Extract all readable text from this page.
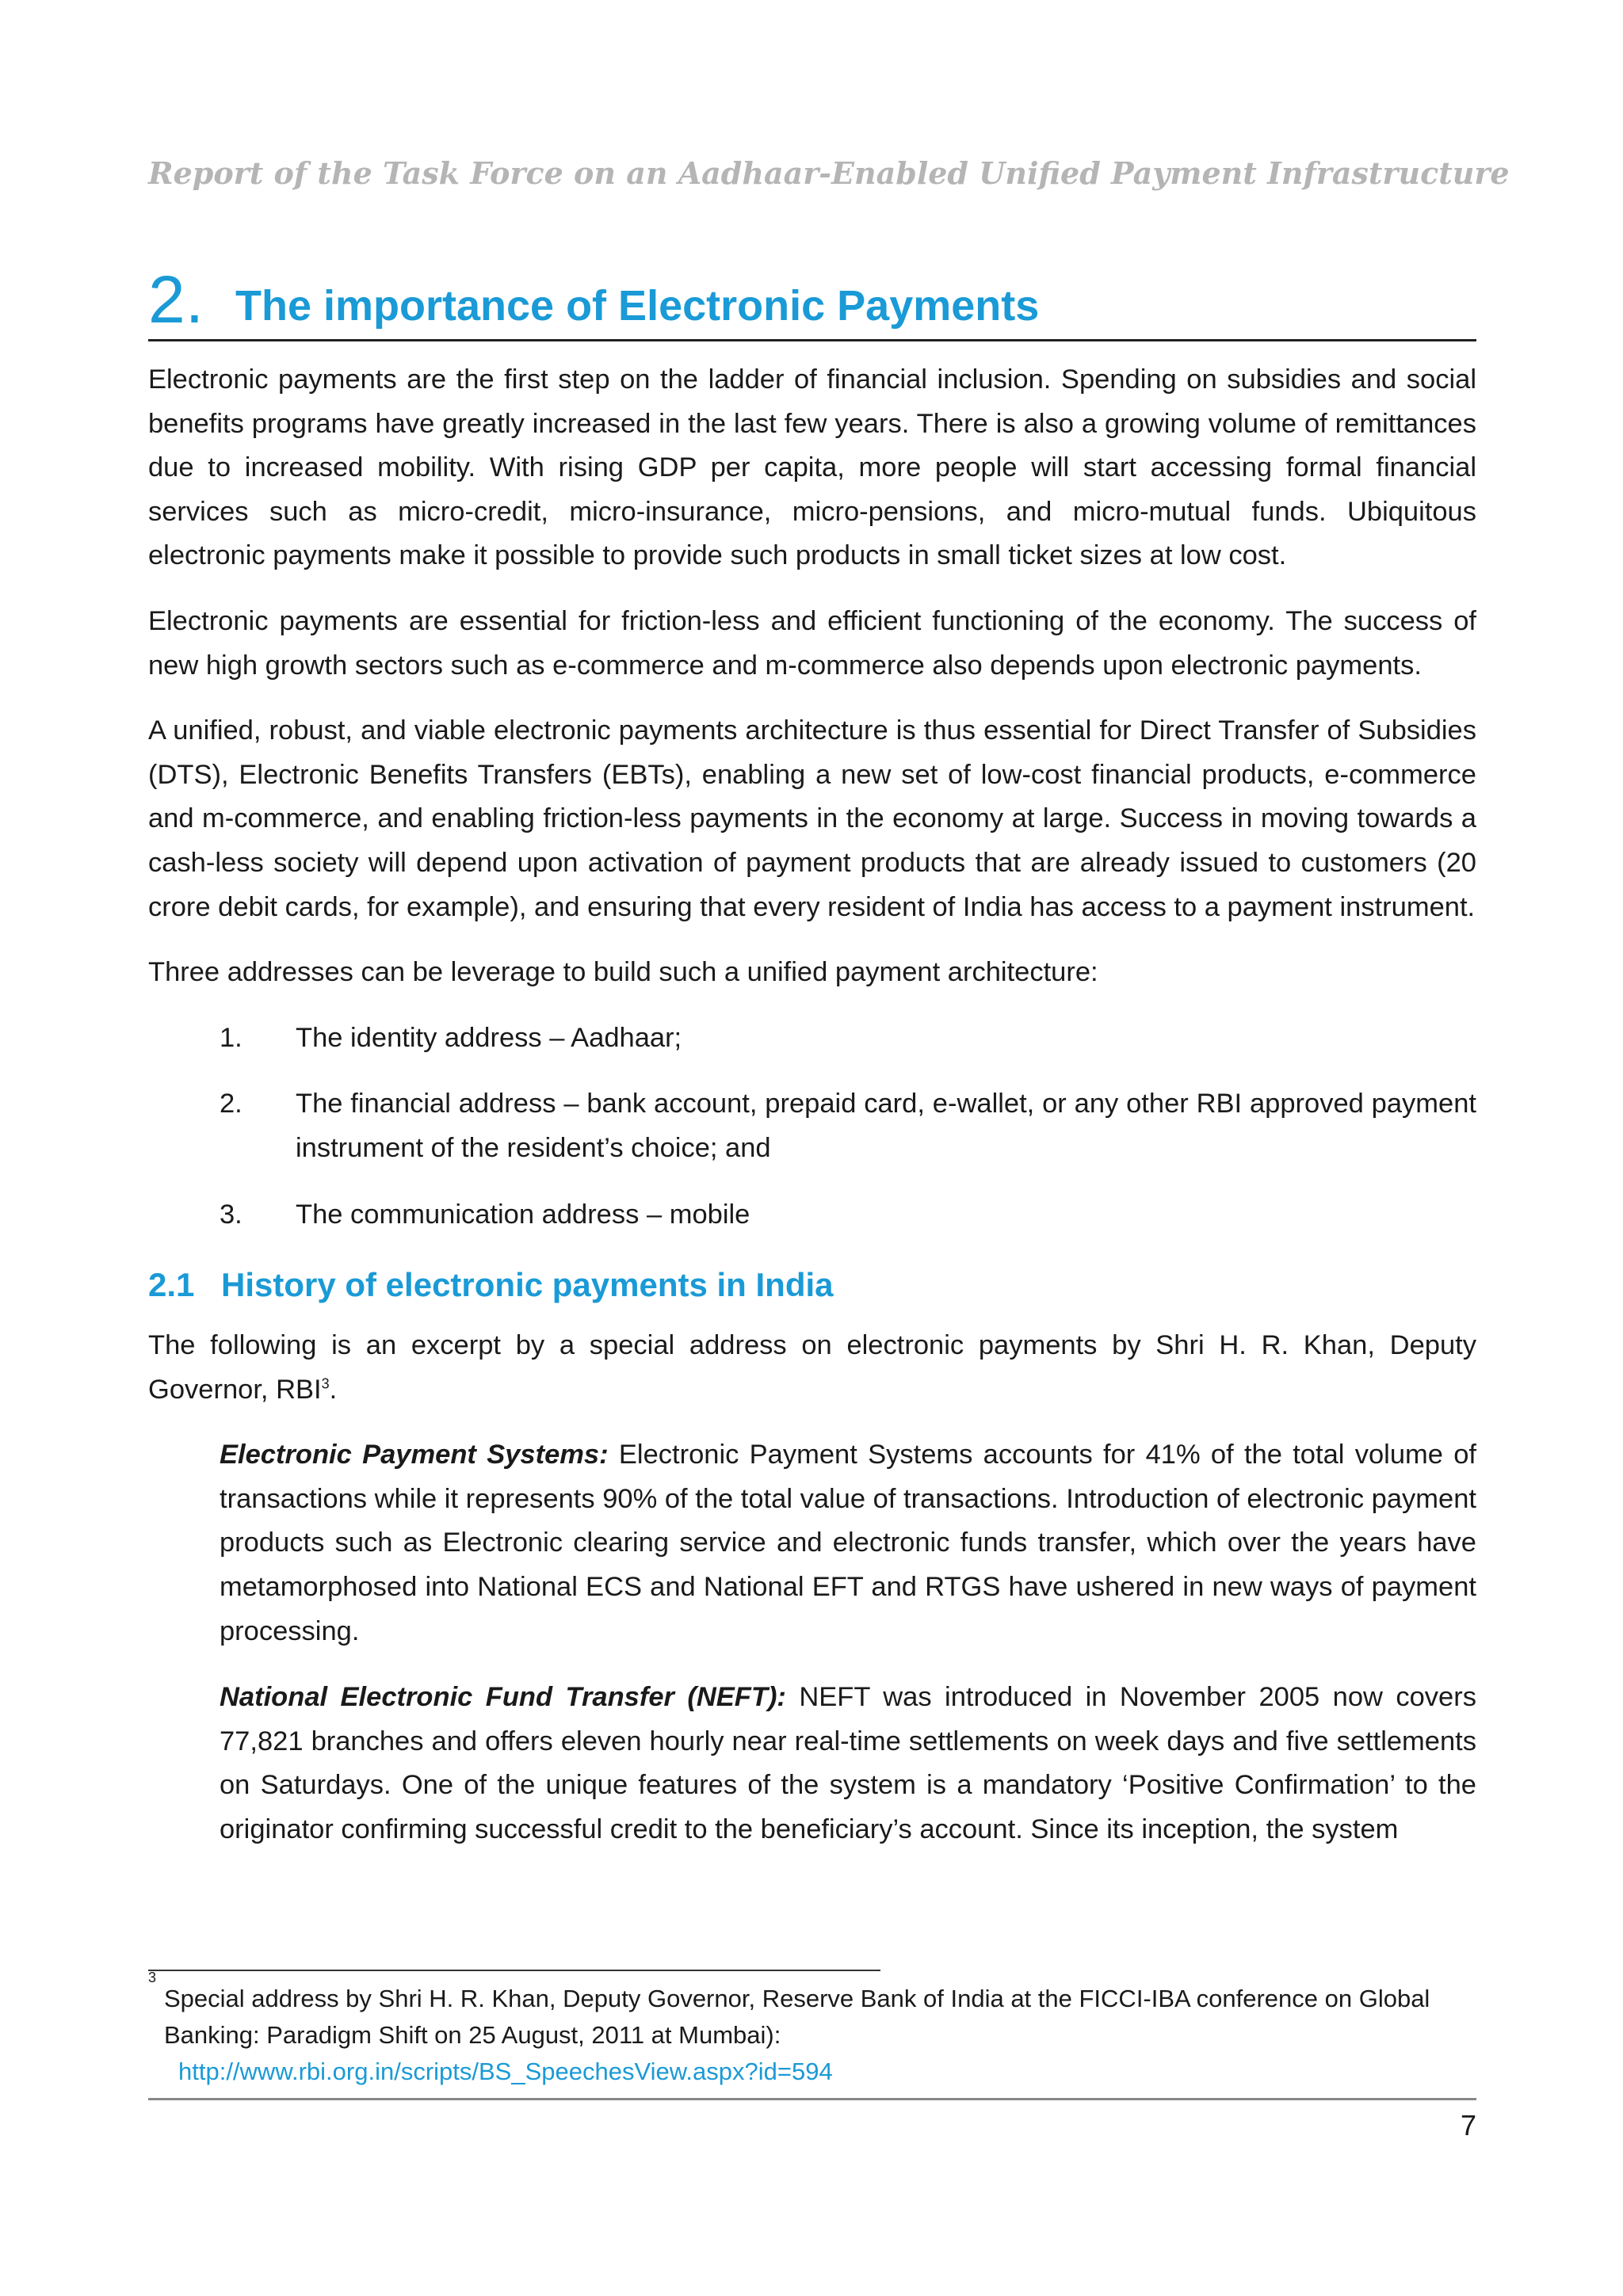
Report of the Task Force on an Aadhaar-Enabled Unified Payment Infrastructure
2. The importance of Electronic Payments

Electronic payments are the first step on the ladder of financial inclusion. Spending on subsidies and social benefits programs have greatly increased in the last few years. There is also a growing volume of remittances due to increased mobility. With rising GDP per capita, more people will start accessing formal financial services such as micro-credit, micro-insurance, micro-pensions, and micro-mutual funds. Ubiquitous electronic payments make it possible to provide such products in small ticket sizes at low cost.

Electronic payments are essential for friction-less and efficient functioning of the economy. The success of new high growth sectors such as e-commerce and m-commerce also depends upon electronic payments.

A unified, robust, and viable electronic payments architecture is thus essential for Direct Transfer of Subsidies (DTS), Electronic Benefits Transfers (EBTs), enabling a new set of low-cost financial products, e-commerce and m-commerce, and enabling friction-less payments in the economy at large. Success in moving towards a cash-less society will depend upon activation of payment products that are already issued to customers (20 crore debit cards, for example), and ensuring that every resident of India has access to a payment instrument.

Three addresses can be leverage to build such a unified payment architecture:

1. The identity address – Aadhaar;
2. The financial address – bank account, prepaid card, e-wallet, or any other RBI approved payment instrument of the resident’s choice; and
3. The communication address – mobile
2.1 History of electronic payments in India

The following is an excerpt by a special address on electronic payments by Shri H. R. Khan, Deputy Governor, RBI$^3$.

Electronic Payment Systems: Electronic Payment Systems accounts for 41% of the total volume of transactions while it represents 90% of the total value of transactions. Introduction of electronic payment products such as Electronic clearing service and electronic funds transfer, which over the years have metamorphosed into National ECS and National EFT and RTGS have ushered in new ways of payment processing.

National Electronic Fund Transfer (NEFT): NEFT was introduced in November 2005 now covers 77,821 branches and offers eleven hourly near real-time settlements on week days and five settlements on Saturdays. One of the unique features of the system is a mandatory ‘Positive Confirmation’ to the originator confirming successful credit to the beneficiary’s account. Since its inception, the system

3
Special address by Shri H. R. Khan, Deputy Governor, Reserve Bank of India at the FICCI-IBA conference on Global Banking: Paradigm Shift on 25 August, 2011 at Mumbai):
http://www.rbi.org.in/scripts/BS_SpeechesView.aspx?id=594
7
